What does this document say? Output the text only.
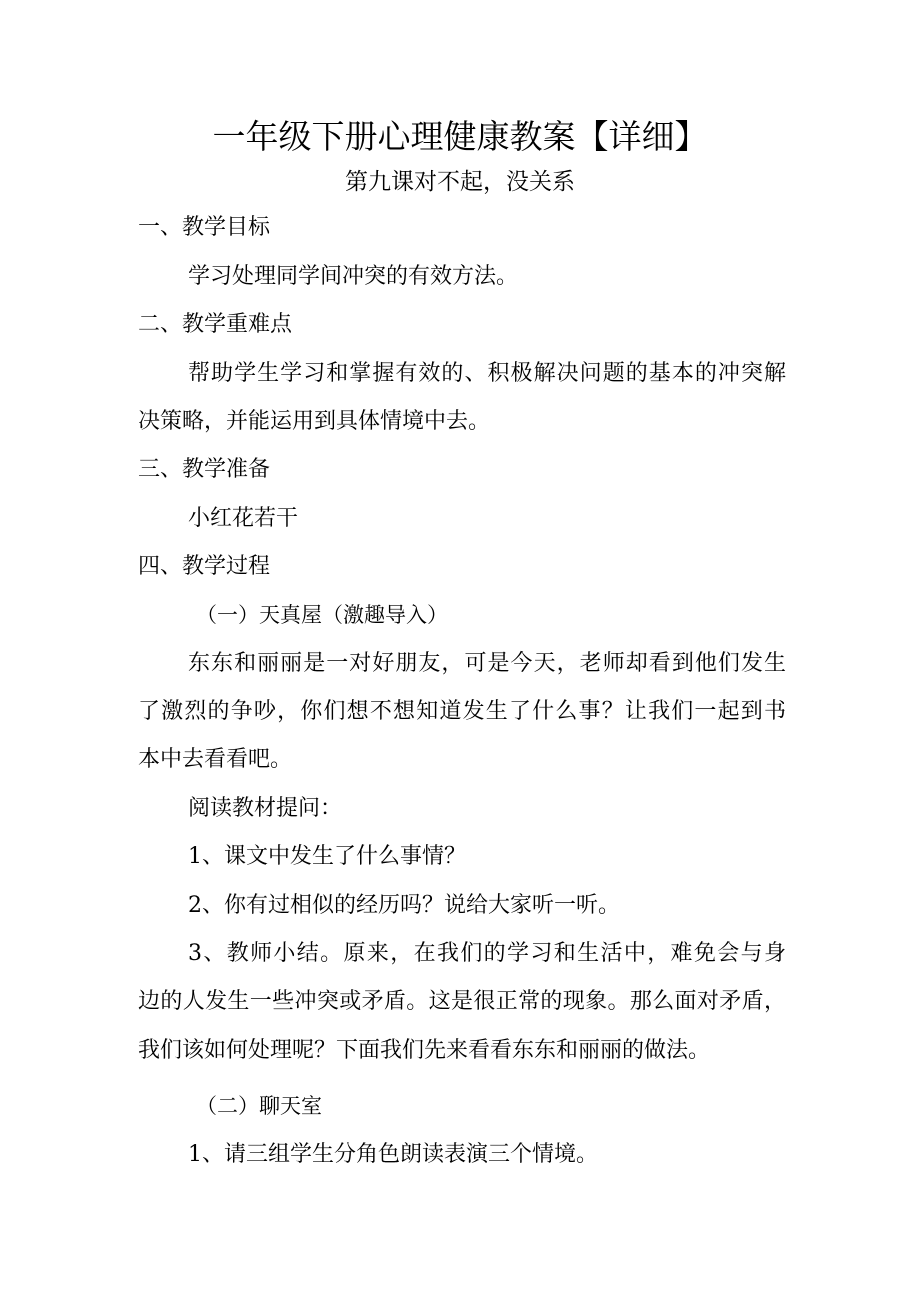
一年级下册心理健康教案【详细】
第九课对不起，没关系
一、教学目标
学习处理同学间冲突的有效方法。
二、教学重难点
帮助学生学习和掌握有效的、积极解决问题的基本的冲突解
决策略，并能运用到具体情境中去。
三、教学准备
小红花若干
四、教学过程
（一）天真屋（激趣导入）
东东和丽丽是一对好朋友，可是今天，老师却看到他们发生
了激烈的争吵，你们想不想知道发生了什么事？让我们一起到书
本中去看看吧。
阅读教材提问：
1、课文中发生了什么事情？
2、你有过相似的经历吗？说给大家听一听。
3、教师小结。原来，在我们的学习和生活中，难免会与身
边的人发生一些冲突或矛盾。这是很正常的现象。那么面对矛盾，
我们该如何处理呢？下面我们先来看看东东和丽丽的做法。
（二）聊天室
1、请三组学生分角色朗读表演三个情境。
